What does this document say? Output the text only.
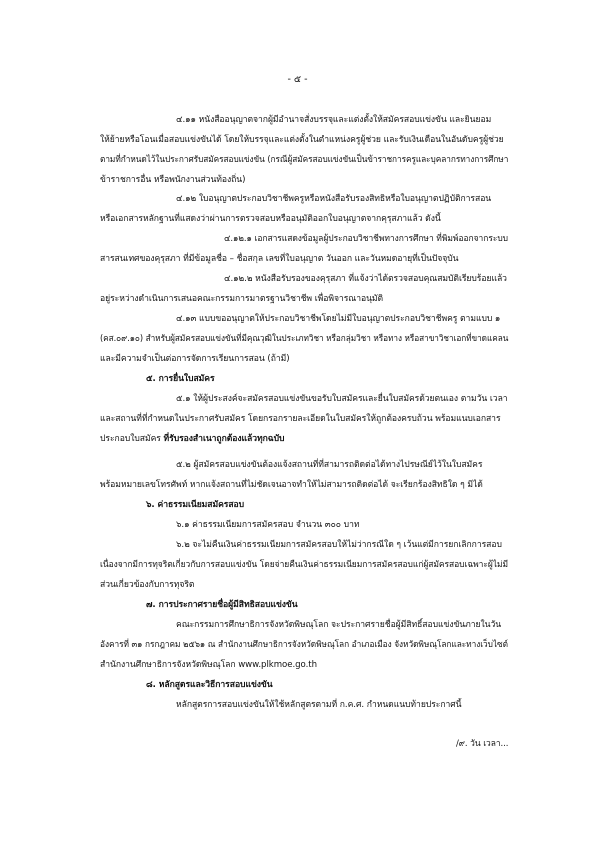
- ๕ -
๔.๑๑ หนังสืออนุญาตจากผู้มีอำนาจสั่งบรรจุและแต่งตั้งให้สมัครสอบแข่งขัน และยินยอม
ให้ย้ายหรือโอนเมื่อสอบแข่งขันได้ โดยให้บรรจุและแต่งตั้งในตำแหน่งครูผู้ช่วย และรับเงินเดือนในอันดับครูผู้ช่วย
ตามที่กำหนดไว้ในประกาศรับสมัครสอบแข่งขัน (กรณีผู้สมัครสอบแข่งขันเป็นข้าราชการครูและบุคลากรทางการศึกษา
ข้าราชการอื่น หรือพนักงานส่วนท้องถิ่น)
๔.๑๒ ใบอนุญาตประกอบวิชาชีพครูหรือหนังสือรับรองสิทธิหรือใบอนุญาตปฏิบัติการสอน
หรือเอกสารหลักฐานที่แสดงว่าผ่านการตรวจสอบหรืออนุมัติออกใบอนุญาตจากคุรุสภาแล้ว ดังนี้
๔.๑๒.๑ เอกสารแสดงข้อมูลผู้ประกอบวิชาชีพทางการศึกษา ที่พิมพ์ออกจากระบบ
สารสนเทศของคุรุสภา ที่มีข้อมูลชื่อ – ชื่อสกุล เลขที่ใบอนุญาต วันออก และวันหมดอายุที่เป็นปัจจุบัน
๔.๑๒.๒ หนังสือรับรองของคุรุสภา ที่แจ้งว่าได้ตรวจสอบคุณสมบัติเรียบร้อยแล้ว
อยู่ระหว่างดำเนินการเสนอคณะกรรมการมาตรฐานวิชาชีพ เพื่อพิจารณาอนุมัติ
๔.๑๓ แบบขออนุญาตให้ประกอบวิชาชีพโดยไม่มีใบอนุญาตประกอบวิชาชีพครู ตามแบบ ๑
(คส.๐๙.๑๐) สำหรับผู้สมัครสอบแข่งขันที่มีคุณวุฒิในประเภทวิชา หรือกลุ่มวิชา หรือทาง หรือสาขาวิชาเอกที่ขาดแคลน
และมีความจำเป็นต่อการจัดการเรียนการสอน (ถ้ามี)
๕. การยื่นใบสมัคร
๕.๑ ให้ผู้ประสงค์จะสมัครสอบแข่งขันขอรับใบสมัครและยื่นใบสมัครด้วยตนเอง ตามวัน เวลา
และสถานที่ที่กำหนดในประกาศรับสมัคร โดยกรอกรายละเอียดในใบสมัครให้ถูกต้องครบถ้วน พร้อมแนบเอกสาร
ประกอบใบสมัคร ที่รับรองสำเนาถูกต้องแล้วทุกฉบับ
๕.๒ ผู้สมัครสอบแข่งขันต้องแจ้งสถานที่ที่สามารถติดต่อได้ทางไปรษณีย์ไว้ในใบสมัคร
พร้อมหมายเลขโทรศัพท์ หากแจ้งสถานที่ไม่ชัดเจนอาจทำให้ไม่สามารถติดต่อได้ จะเรียกร้องสิทธิใด ๆ มิได้
๖. ค่าธรรมเนียมสมัครสอบ
๖.๑ ค่าธรรมเนียมการสมัครสอบ จำนวน ๓๐๐ บาท
๖.๒ จะไม่คืนเงินค่าธรรมเนียมการสมัครสอบให้ไม่ว่ากรณีใด ๆ เว้นแต่มีการยกเลิกการสอบ
เนื่องจากมีการทุจริตเกี่ยวกับการสอบแข่งขัน โดยจ่ายคืนเงินค่าธรรมเนียมการสมัครสอบแก่ผู้สมัครสอบเฉพาะผู้ไม่มี
ส่วนเกี่ยวข้องกับการทุจริต
๗. การประกาศรายชื่อผู้มีสิทธิสอบแข่งขัน
คณะกรรมการศึกษาธิการจังหวัดพิษณุโลก จะประกาศรายชื่อผู้มีสิทธิ์สอบแข่งขันภายในวัน
อังคารที่ ๓๑ กรกฎาคม ๒๕๖๑ ณ สำนักงานศึกษาธิการจังหวัดพิษณุโลก อำเภอเมือง จังหวัดพิษณุโลกและทางเว็บไซต์
สำนักงานศึกษาธิการจังหวัดพิษณุโลก www.plkmoe.go.th
๘. หลักสูตรและวิธีการสอบแข่งขัน
หลักสูตรการสอบแข่งขันให้ใช้หลักสูตรตามที่ ก.ค.ศ. กำหนดแนบท้ายประกาศนี้
/๙. วัน เวลา...
